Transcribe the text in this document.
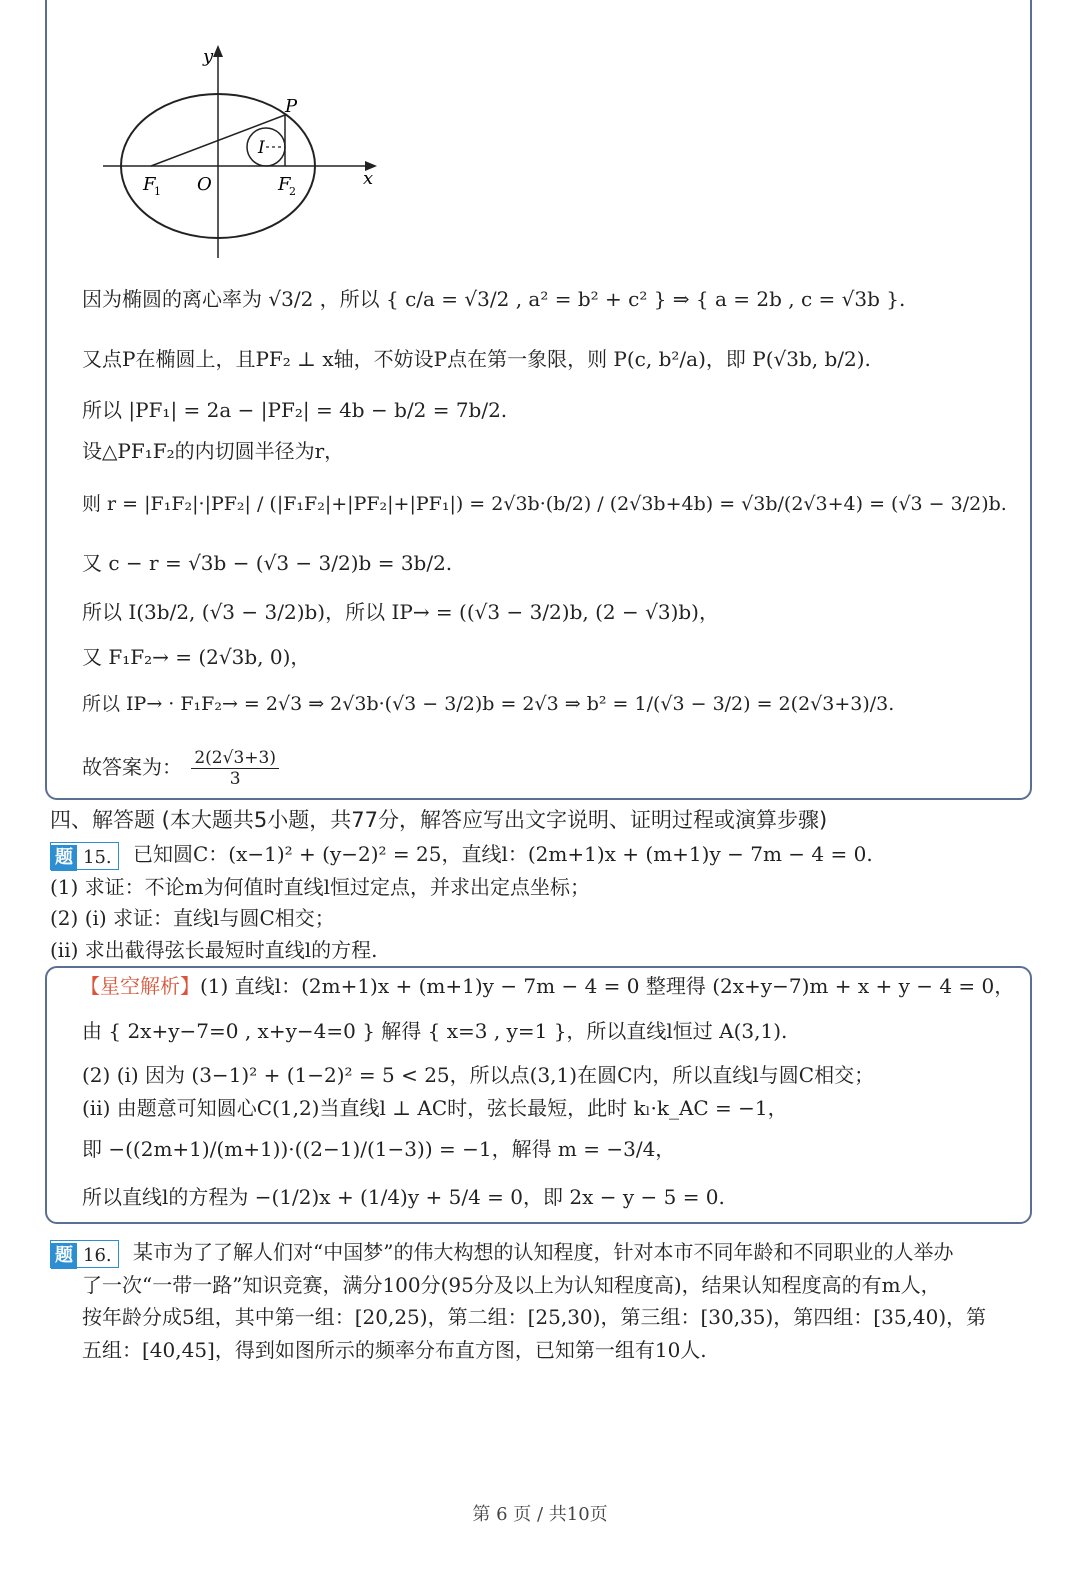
y
x
P
I
F
1 O	F
2
因为椭圆的离心率为 √3/2 ，所以 { c/a = √3/2 , a² = b² + c² } ⇒ { a = 2b , c = √3b }.
又点P在椭圆上，且PF₂ ⊥ x轴，不妨设P点在第一象限，则 P(c, b²/a)，即 P(√3b, b/2).
所以 |PF₁| = 2a − |PF₂| = 4b − b/2 = 7b/2.
设△PF₁F₂的内切圆半径为r，
则 r = |F₁F₂|·|PF₂| / (|F₁F₂|+|PF₂|+|PF₁|) = 2√3b·(b/2) / (2√3b+4b) = √3b/(2√3+4) = (√3 − 3/2)b.
又 c − r = √3b − (√3 − 3/2)b = 3b/2.
所以 I(3b/2, (√3 − 3/2)b)，所以 IP→ = ((√3 − 3/2)b, (2 − √3)b)，
又 F₁F₂→ = (2√3b, 0)，
所以 IP→ · F₁F₂→ = 2√3 ⇒ 2√3b·(√3 − 3/2)b = 2√3 ⇒ b² = 1/(√3 − 3/2) = 2(2√3+3)/3.
故答案为： $\frac{2(2√3+3)}{3}$
四、解答题 (本大题共5小题，共77分，解答应写出文字说明、证明过程或演算步骤)
题 15. 已知圆C：(x−1)² + (y−2)² = 25，直线l：(2m+1)x + (m+1)y − 7m − 4 = 0.
(1) 求证：不论m为何值时直线l恒过定点，并求出定点坐标；
(2) (i) 求证：直线l与圆C相交；
(ii) 求出截得弦长最短时直线l的方程.
【星空解析】(1) 直线l：(2m+1)x + (m+1)y − 7m − 4 = 0 整理得 (2x+y−7)m + x + y − 4 = 0，
由 { 2x+y−7=0 , x+y−4=0 } 解得 { x=3 , y=1 }，所以直线l恒过 A(3,1).
(2) (i) 因为 (3−1)² + (1−2)² = 5 < 25，所以点(3,1)在圆C内，所以直线l与圆C相交；
(ii) 由题意可知圆心C(1,2)当直线l ⊥ AC时，弦长最短，此时 kₗ·k_AC = −1，
即 −((2m+1)/(m+1))·((2−1)/(1−3)) = −1，解得 m = −3/4，
所以直线l的方程为 −(1/2)x + (1/4)y + 5/4 = 0，即 2x − y − 5 = 0.
题 16. 某市为了了解人们对“中国梦”的伟大构想的认知程度，针对本市不同年龄和不同职业的人举办
了一次“一带一路”知识竞赛，满分100分(95分及以上为认知程度高)，结果认知程度高的有m人，
按年龄分成5组，其中第一组：[20,25)，第二组：[25,30)，第三组：[30,35)，第四组：[35,40)，第
五组：[40,45]，得到如图所示的频率分布直方图，已知第一组有10人.
第 6 页 / 共10页
